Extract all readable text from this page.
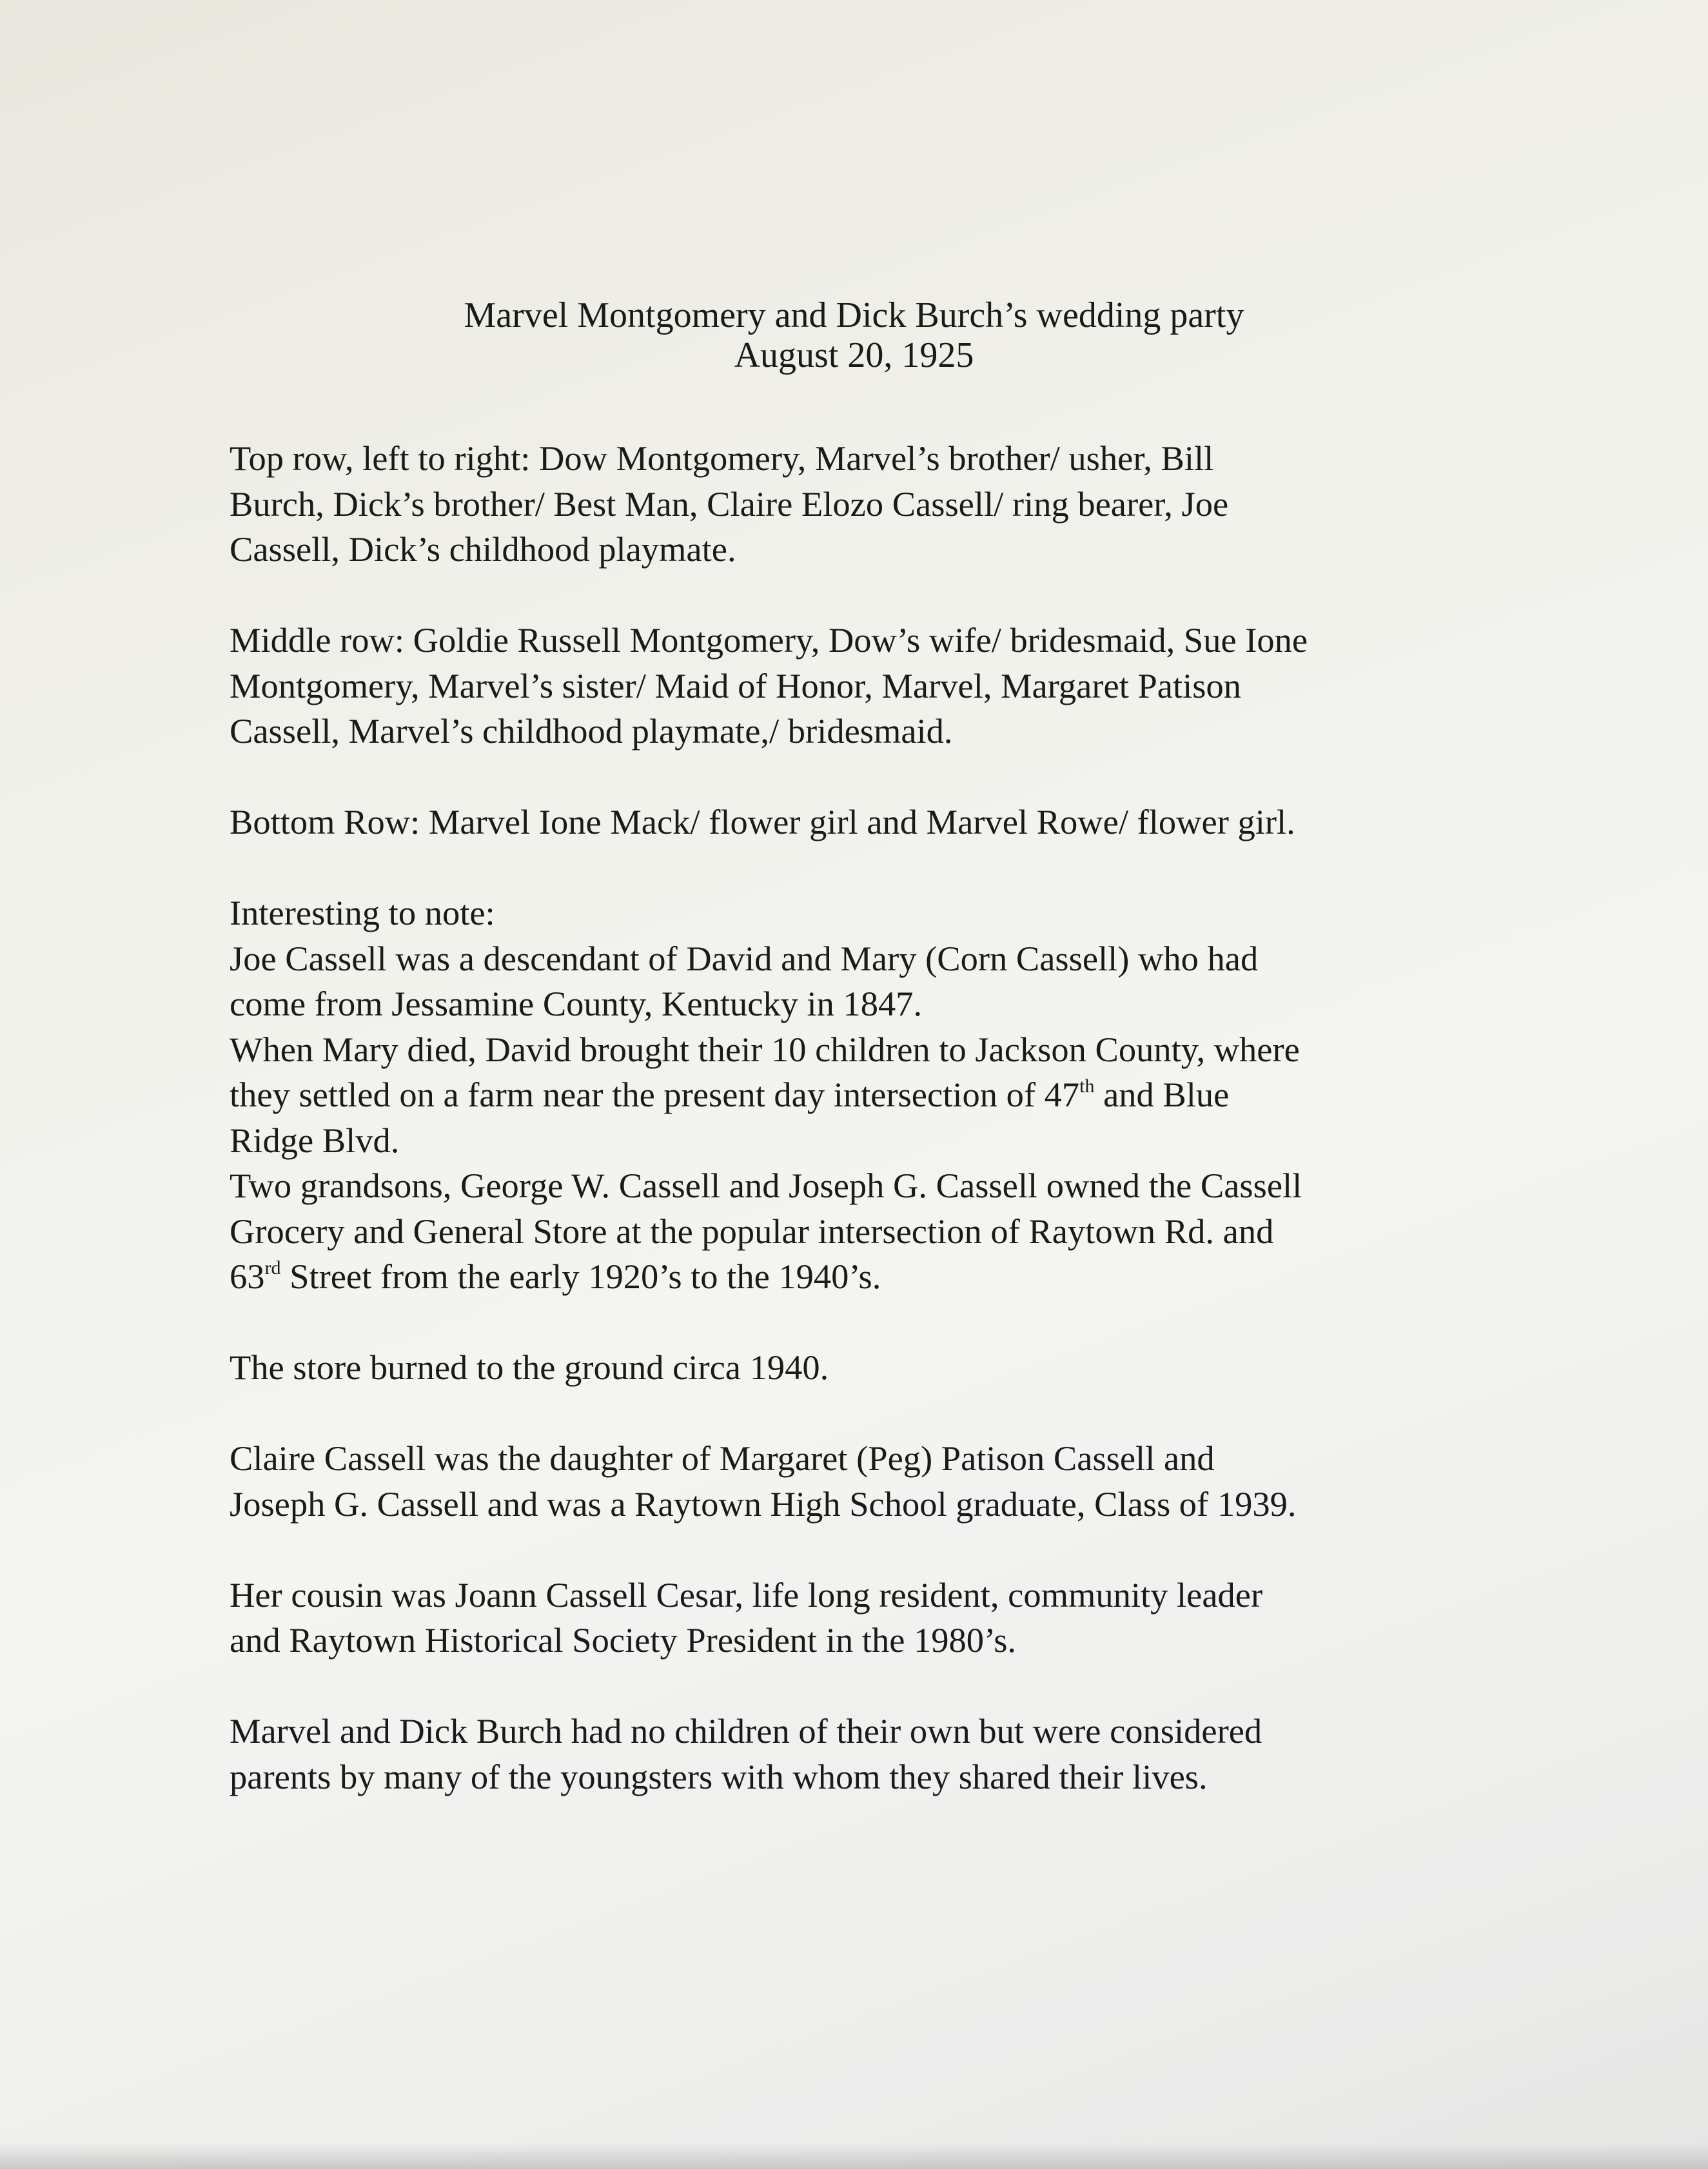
Marvel Montgomery and Dick Burch’s wedding party
August 20, 1925

Top row, left to right: Dow Montgomery, Marvel’s brother/ usher, Bill
Burch, Dick’s brother/ Best Man, Claire Elozo Cassell/ ring bearer, Joe
Cassell, Dick’s childhood playmate.

Middle row: Goldie Russell Montgomery, Dow’s wife/ bridesmaid, Sue Ione
Montgomery, Marvel’s sister/ Maid of Honor, Marvel, Margaret Patison
Cassell, Marvel’s childhood playmate,/ bridesmaid.

Bottom Row: Marvel Ione Mack/ flower girl and Marvel Rowe/ flower girl.

Interesting to note:
Joe Cassell was a descendant of David and Mary (Corn Cassell) who had
come from Jessamine County, Kentucky in 1847.
When Mary died, David brought their 10 children to Jackson County, where
they settled on a farm near the present day intersection of 47th and Blue
Ridge Blvd.
Two grandsons, George W. Cassell and Joseph G. Cassell owned the Cassell
Grocery and General Store at the popular intersection of Raytown Rd. and
63rd Street from the early 1920’s to the 1940’s.

The store burned to the ground circa 1940.

Claire Cassell was the daughter of Margaret (Peg) Patison Cassell and
Joseph G. Cassell and was a Raytown High School graduate, Class of 1939.

Her cousin was Joann Cassell Cesar, life long resident, community leader
and Raytown Historical Society President in the 1980’s.

Marvel and Dick Burch had no children of their own but were considered
parents by many of the youngsters with whom they shared their lives.
